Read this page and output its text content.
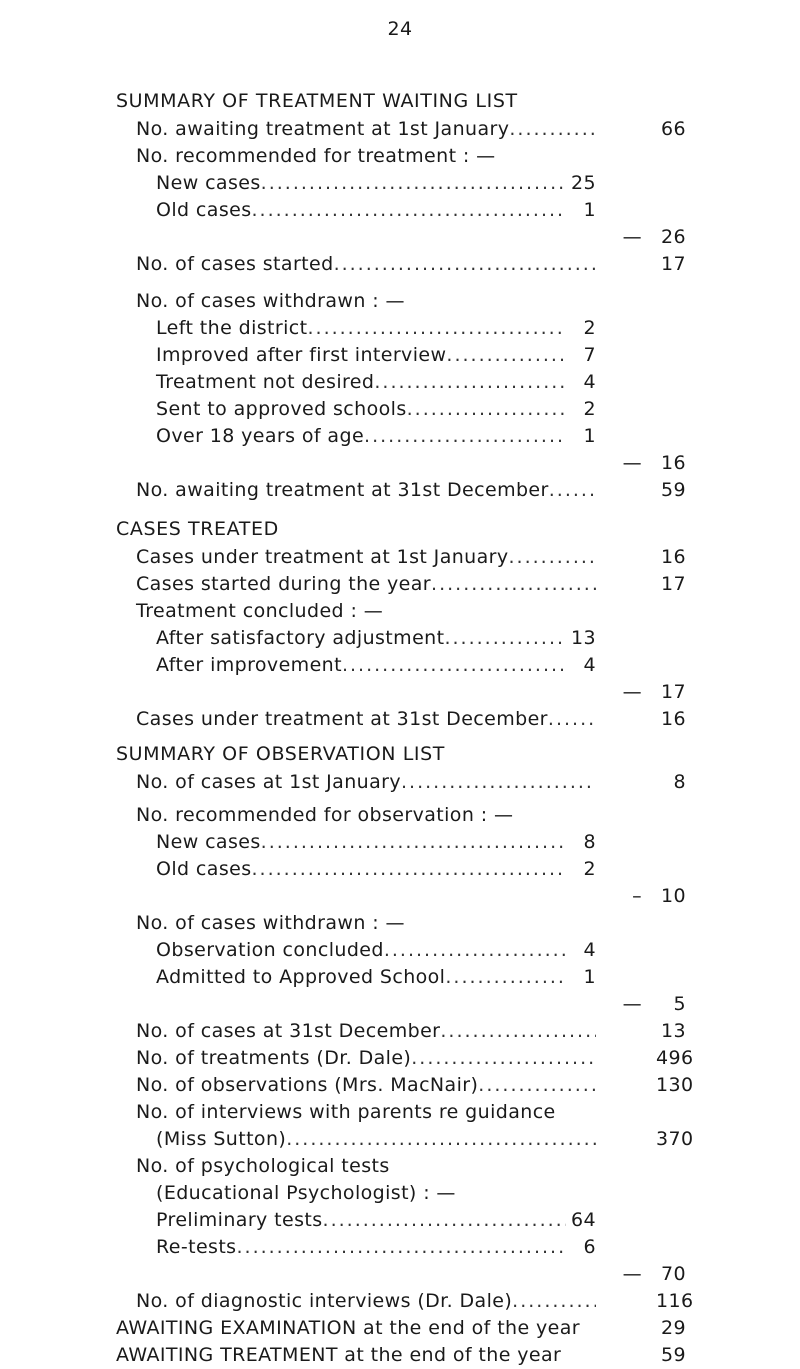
24
SUMMARY OF TREATMENT WAITING LIST
No. awaiting treatment at 1st January .....	66
No. recommended for treatment : —
New cases .....	25
Old cases .....	1
— 26
No. of cases started .....	17
No. of cases withdrawn : —
Left the district .....	2
Improved after first interview .....	7
Treatment not desired .....	4
Sent to approved schools .....	2
Over 18 years of age .....	1
— 16
No. awaiting treatment at 31st December .....	59
CASES TREATED
Cases under treatment at 1st January .....	16
Cases started during the year .....	17
Treatment concluded : —
After satisfactory adjustment .....	13
After improvement .....	4
— 17
Cases under treatment at 31st December .....	16
SUMMARY OF OBSERVATION LIST
No. of cases at 1st January .....	8
No. recommended for observation : —
New cases .....	8
Old cases .....	2
– 10
No. of cases withdrawn : —
Observation concluded .....	4
Admitted to Approved School .....	1
—	5
No. of cases at 31st December .....	13
No. of treatments (Dr. Dale) .....	496
No. of observations (Mrs. MacNair) .....	130
No. of interviews with parents re guidance
(Miss Sutton) .....	370
No. of psychological tests
(Educational Psychologist) : —
Preliminary tests .....	64
Re-tests .....	6
— 70
No. of diagnostic interviews (Dr. Dale) .....	116
AWAITING EXAMINATION at the end of the year	29
AWAITING TREATMENT at the end of the year	59
